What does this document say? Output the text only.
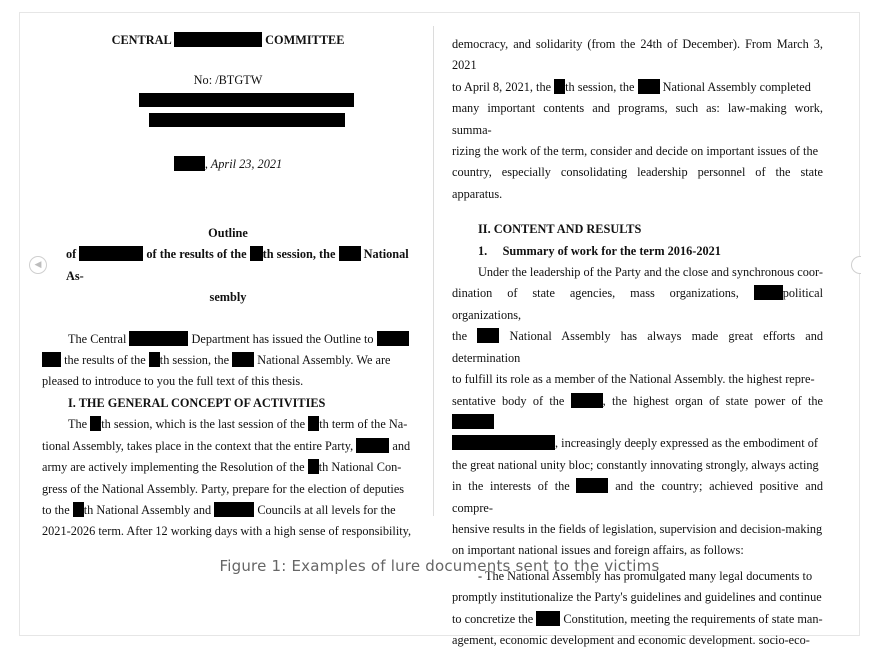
◀
CENTRAL	COMMITTEE
No: /BTGTW
, April 23, 2021
Outline
of	of the results of the th session, the National As-
sembly
The Central	Department has issued the Outline to
the results of the th session, the National Assembly. We are
pleased to introduce to you the full text of this thesis.
I. THE GENERAL CONCEPT OF ACTIVITIES
The th session, which is the last session of the th term of the Na-
tional Assembly, takes place in the context that the entire Party,	and
army are actively implementing the Resolution of the th National Con-
gress of the National Assembly. Party, prepare for the election of deputies
to the th National Assembly and	Councils at all levels for the
2021-2026 term. After 12 working days with a high sense of responsibility,
democracy, and solidarity (from the 24th of December). From March 3, 2021
to April 8, 2021, the th session, the National Assembly completed
many important contents and programs, such as: law-making work, summa-
rizing the work of the term, consider and decide on important issues of the
country, especially consolidating leadership personnel of the state apparatus.
II. CONTENT AND RESULTS
1.     Summary of work for the term 2016-2021
Under the leadership of the Party and the close and synchronous coor-
dination of state agencies, mass organizations,	political organizations,
the	National Assembly has always made great efforts and determination
to fulfill its role as a member of the National Assembly. the highest repre-
sentative body of the	, the highest organ of state power of the
, increasingly deeply expressed as the embodiment of
the great national unity bloc; constantly innovating strongly, always acting
in the interests of the	and the country; achieved positive and compre-
hensive results in the fields of legislation, supervision and decision-making
on important national issues and foreign affairs, as follows:
- The National Assembly has promulgated many legal documents to
promptly institutionalize the Party's guidelines and guidelines and continue
to concretize the Constitution, meeting the requirements of state man-
agement, economic development and economic development. socio-eco-
Figure 1: Examples of lure documents sent to the victims
